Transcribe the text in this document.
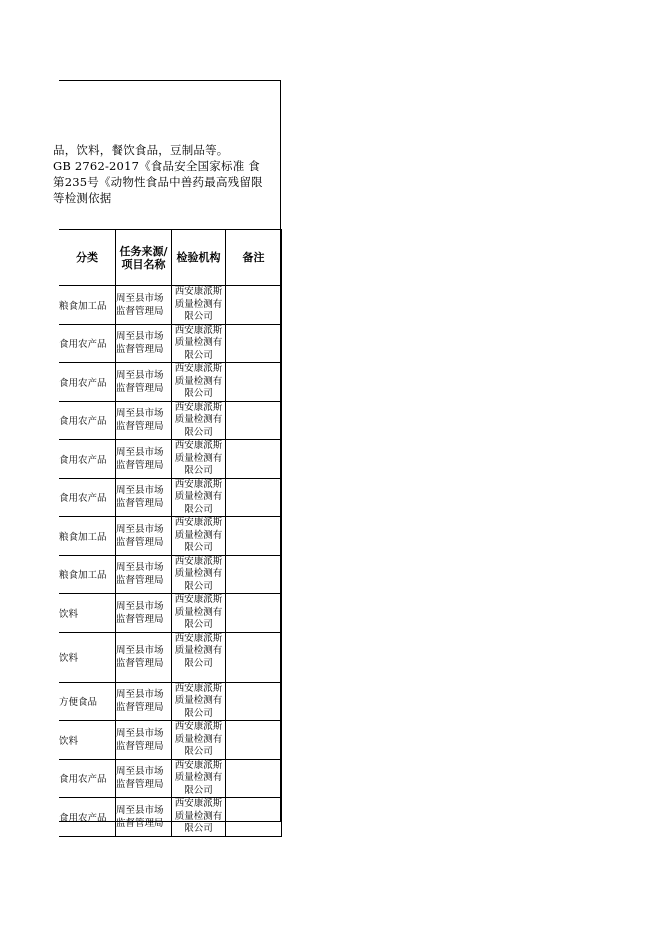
品，饮料，餐饮食品，豆制品等。
GB 2762-2017《食品安全国家标准 食
第235号《动物性食品中兽药最高残留限
等检测依据
分类	任务来源/项目名称	检验机构	备注
粮食加工品	周至县市场监督管理局	西安康派斯质量检测有限公司	
食用农产品	周至县市场监督管理局	西安康派斯质量检测有限公司	
食用农产品	周至县市场监督管理局	西安康派斯质量检测有限公司	
食用农产品	周至县市场监督管理局	西安康派斯质量检测有限公司	
食用农产品	周至县市场监督管理局	西安康派斯质量检测有限公司	
食用农产品	周至县市场监督管理局	西安康派斯质量检测有限公司	
粮食加工品	周至县市场监督管理局	西安康派斯质量检测有限公司	
粮食加工品	周至县市场监督管理局	西安康派斯质量检测有限公司	
饮料	周至县市场监督管理局	西安康派斯质量检测有限公司	
饮料	周至县市场监督管理局	西安康派斯质量检测有限公司	
方便食品	周至县市场监督管理局	西安康派斯质量检测有限公司	
饮料	周至县市场监督管理局	西安康派斯质量检测有限公司	
食用农产品	周至县市场监督管理局	西安康派斯质量检测有限公司	
食用农产品	周至县市场监督管理局	西安康派斯质量检测有限公司	
